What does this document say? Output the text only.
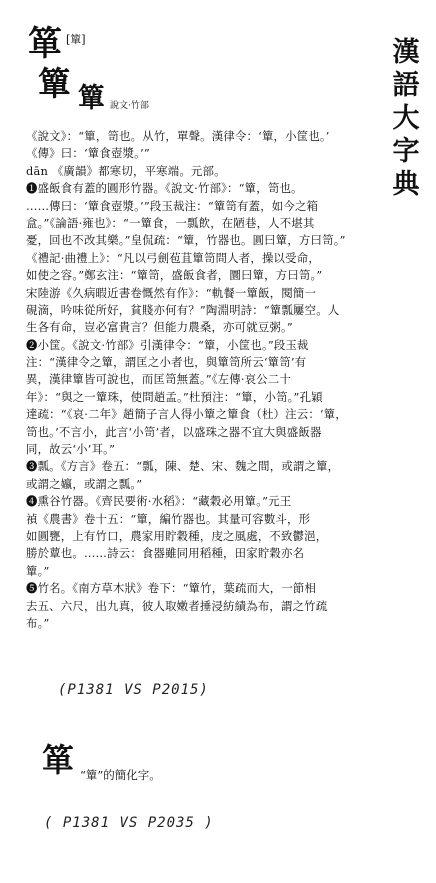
箪 [簞]	漢語大字典
簞 簞 說文·竹部
《說文》：“簞，笥也。从竹，單聲。漢律令：‘簞，小筐也。’
《傳》曰：‘簞食壺漿。’”
dān 《廣韻》都寒切，平寒端。元部。
❶盛飯食有蓋的圓形竹器。《說文·竹部》：“簞，笥也。
……傳曰：‘簞食壺漿。’”段玉裁注：“簞笥有蓋，如今之箱
盒。”《論語·雍也》：“一簞食，一瓢飲，在陋巷，人不堪其
憂，回也不改其樂。”皇侃疏：“簞，竹器也。圓曰簞，方曰笥。”
《禮記·曲禮上》：“凡以弓劍苞苴簞笥問人者，操以受命，
如使之容。”鄭玄注：“簞笥，盛飯食者，圜曰簞，方曰笥。”
宋陸游《久病暇近書卷慨然有作》：“軌餐一簞飯，閱簡一
硯滴，吟味從所好，貧賤亦何有？”陶淵明詩：“簞瓢屢空。人
生各有命，豈必富貴言？但能力農桑，亦可就豆粥。”
❷小筐。《說文·竹部》引漢律令：“簞，小筐也。”段玉裁
注：“漢律令之簞，謂匡之小者也，與簞笥所云‘簞笥’有
異，漢律簞皆可說也，而匡笥無蓋。”《左傳·哀公二十
年》：“與之一簞珠，使問趙孟。”杜預注：“簞，小笥。”孔穎
達疏：“《哀·二年》趙簡子言人得小簞之簞食（杜）注云：‘簞，
笥也。’不言小，此言‘小笥’者，以盛珠之器不宜大與盛飯器
同，故云‘小’耳。”
❸瓢。《方言》卷五：“瓢，陳、楚、宋、魏之間，或謂之簞，
或謂之㜲，或謂之瓢。”
❹熏谷竹器。《齊民要術·水稻》：“藏穀必用簞。”元王
禎《農書》卷十五：“簞，編竹器也。其量可容數斗，形
如圓甕，上有竹口，農家用貯穀種，庋之風處，不致鬱浥，
勝於蕈也。……詩云：食器雖同用稻種，田家貯穀亦名
簞。”
❺竹名。《南方草木狀》卷下：“簞竹，葉疏而大，一節相
去五、六尺，出九真，彼人取嫩者捶浸紡績為布，謂之竹疏
布。”
(P1381 VS P2015)
箪 “簞”的簡化字。
( P1381 VS P2035 )
